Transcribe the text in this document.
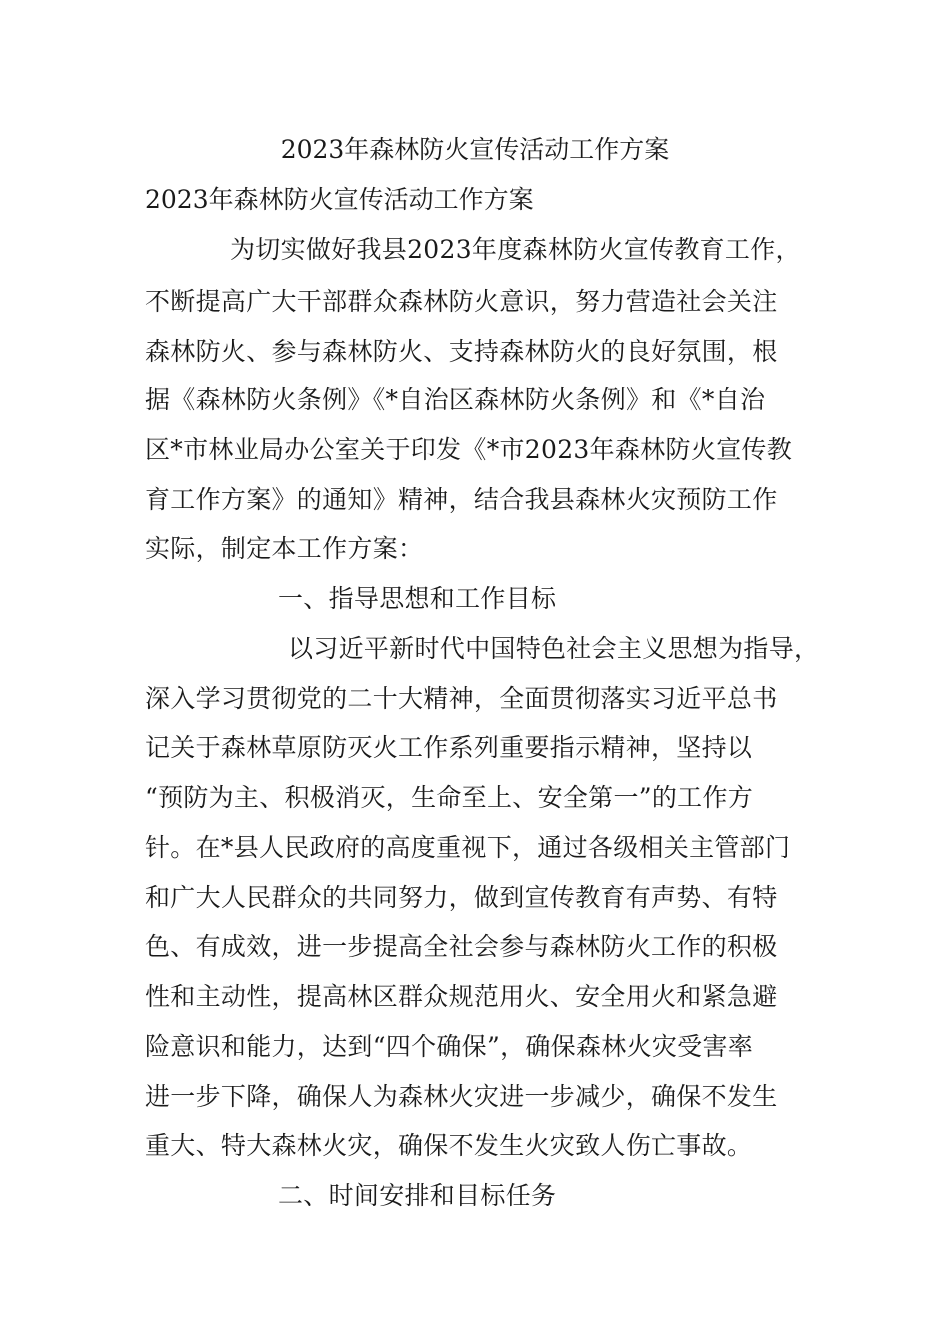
2023年森林防火宣传活动工作方案
2023年森林防火宣传活动工作方案
为切实做好我县2023年度森林防火宣传教育工作，
不断提高广大干部群众森林防火意识，努力营造社会关注
森林防火、参与森林防火、支持森林防火的良好氛围，根
据《森林防火条例》《*自治区森林防火条例》和《*自治
区*市林业局办公室关于印发《*市2023年森林防火宣传教
育工作方案》的通知》精神，结合我县森林火灾预防工作
实际，制定本工作方案：
一、指导思想和工作目标
以习近平新时代中国特色社会主义思想为指导，
深入学习贯彻党的二十大精神，全面贯彻落实习近平总书
记关于森林草原防灭火工作系列重要指示精神，坚持以
“预防为主、积极消灭，生命至上、安全第一”的工作方
针。在*县人民政府的高度重视下，通过各级相关主管部门
和广大人民群众的共同努力，做到宣传教育有声势、有特
色、有成效，进一步提高全社会参与森林防火工作的积极
性和主动性，提高林区群众规范用火、安全用火和紧急避
险意识和能力，达到“四个确保”，确保森林火灾受害率
进一步下降，确保人为森林火灾进一步减少，确保不发生
重大、特大森林火灾，确保不发生火灾致人伤亡事故。
二、时间安排和目标任务
